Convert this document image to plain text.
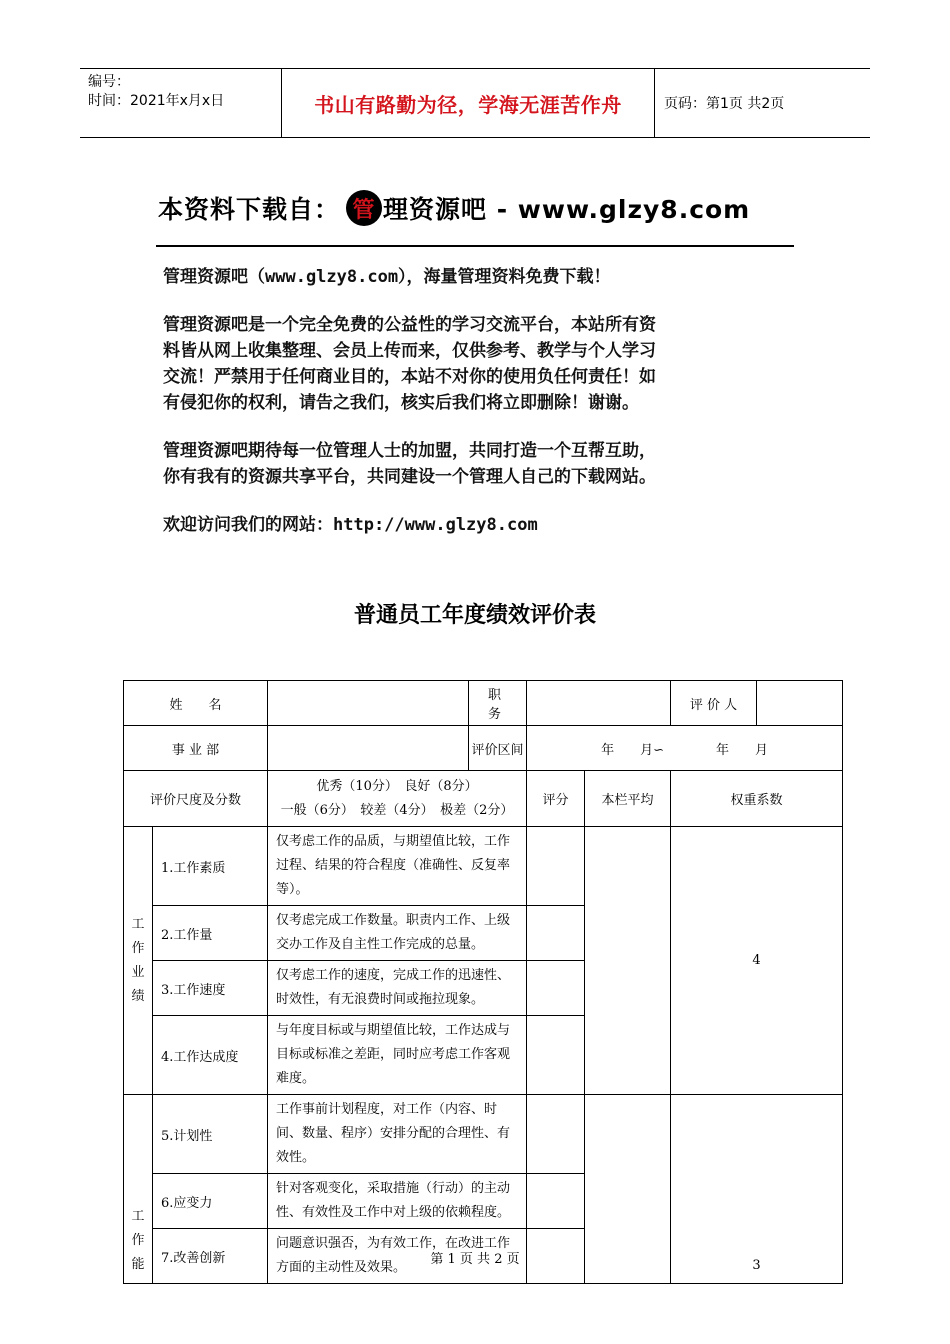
编号：
时间：2021年x月x日	书山有路勤为径，学海无涯苦作舟	页码：第1页 共2页
本资料下载自： 管 理资源吧 - www.glzy8.com

管理资源吧（www.glzy8.com），海量管理资料免费下载！

管理资源吧是一个完全免费的公益性的学习交流平台，本站所有资

料皆从网上收集整理、会员上传而来，仅供参考、教学与个人学习

交流！严禁用于任何商业目的，本站不对你的使用负任何责任！如

有侵犯你的权利，请告之我们，核实后我们将立即删除！谢谢。

管理资源吧期待每一位管理人士的加盟，共同打造一个互帮互助，

你有我有的资源共享平台，共同建设一个管理人自己的下载网站。

欢迎访问我们的网站：http://www.glzy8.com

普通员工年度绩效评价表
姓　　名			职　　务			评 价 人	
事 业 部			评价区间	年　　月∽　　　　年　　月			
评价尺度及分数		优秀（10分）　良好（8分）
一般（6分）　较差（4分）　极差（2分）		评分	本栏平均	权重系数	

工
作
业
绩	1.工作素质	仅考虑工作的品质，与期望值比较，工作过程、结果的符合程度（准确性、反复率等）。				4	
	2.工作量	仅考虑完成工作数量。职责内工作、上级交办工作及自主性工作完成的总量。					
	3.工作速度	仅考虑工作的速度，完成工作的迅速性、时效性，有无浪费时间或拖拉现象。					
	4.工作达成度	与年度目标或与期望值比较，工作达成与目标或标准之差距，同时应考虑工作客观难度。					

工
作
能	5.计划性	工作事前计划程度，对工作（内容、时间、数量、程序）安排分配的合理性、有效性。				3	
	6.应变力	针对客观变化，采取措施（行动）的主动性、有效性及工作中对上级的依赖程度。					
	7.改善创新	问题意识强否，为有效工作，在改进工作方面的主动性及效果。					
第 1 页 共 2 页
